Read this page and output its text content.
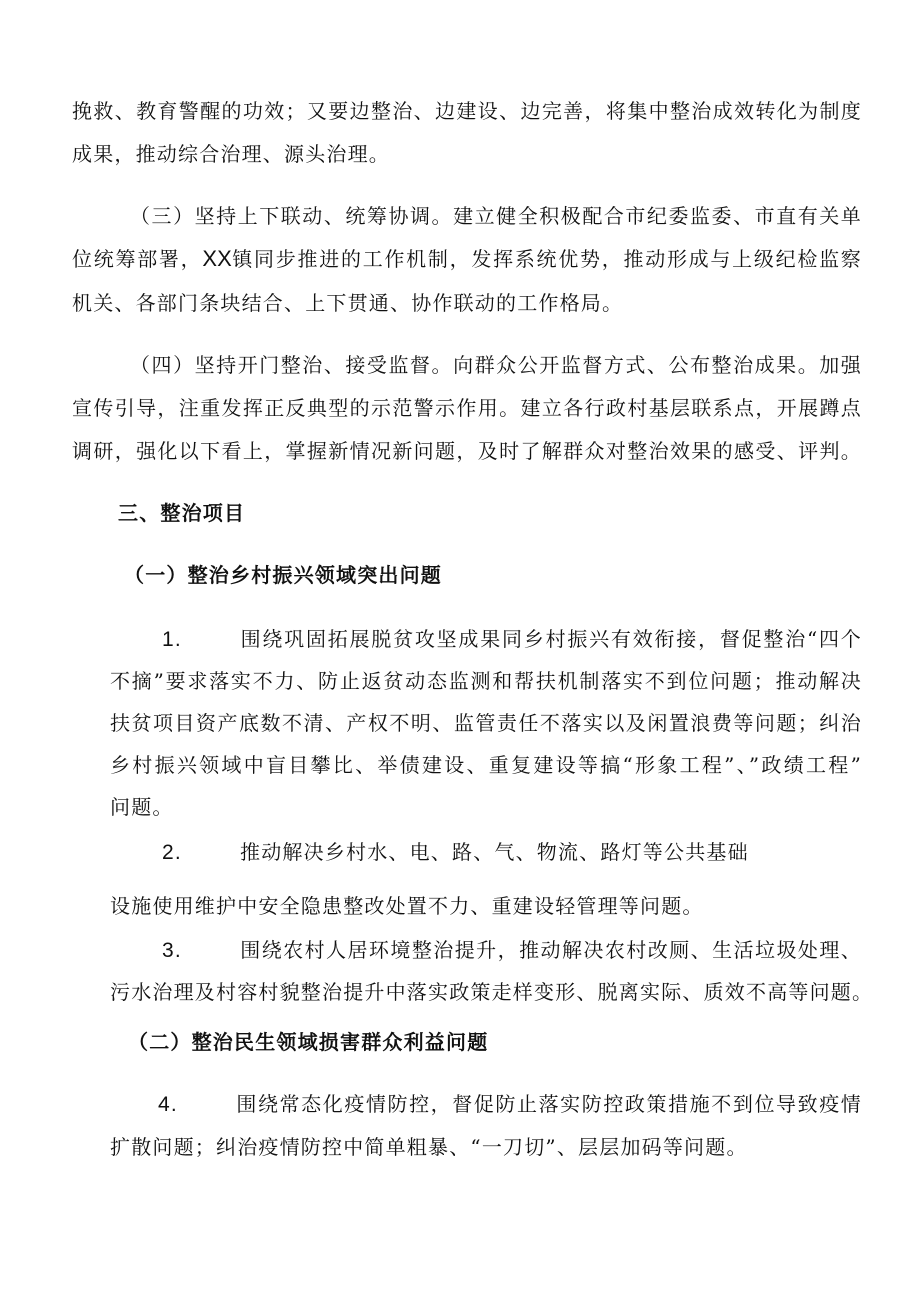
挽救、教育警醒的功效；又要边整治、边建设、边完善，将集中整治成效转化为制度

成果，推动综合治理、源头治理。

（三）坚持上下联动、统筹协调。建立健全积极配合市纪委监委、市直有关单

位统筹部署，XX镇同步推进的工作机制，发挥系统优势，推动形成与上级纪检监察

机关、各部门条块结合、上下贯通、协作联动的工作格局。

（四）坚持开门整治、接受监督。向群众公开监督方式、公布整治成果。加强

宣传引导，注重发挥正反典型的示范警示作用。建立各行政村基层联系点，开展蹲点

调研，强化以下看上，掌握新情况新问题，及时了解群众对整治效果的感受、评判。

三、整治项目

（一）整治乡村振兴领域突出问题

1.	围绕巩固拓展脱贫攻坚成果同乡村振兴有效衔接，督促整治“四个

不摘”要求落实不力、防止返贫动态监测和帮扶机制落实不到位问题；推动解决

扶贫项目资产底数不清、产权不明、监管责任不落实以及闲置浪费等问题；纠治

乡村振兴领域中盲目攀比、举债建设、重复建设等搞“形象工程”、”政绩工程”

问题。

2.	推动解决乡村水、电、路、气、物流、路灯等公共基础

设施使用维护中安全隐患整改处置不力、重建设轻管理等问题。

3.	围绕农村人居环境整治提升，推动解决农村改厕、生活垃圾处理、

污水治理及村容村貌整治提升中落实政策走样变形、脱离实际、质效不高等问题。

（二）整治民生领域损害群众利益问题

4.	围绕常态化疫情防控，督促防止落实防控政策措施不到位导致疫情

扩散问题；纠治疫情防控中简单粗暴、“一刀切”、层层加码等问题。
